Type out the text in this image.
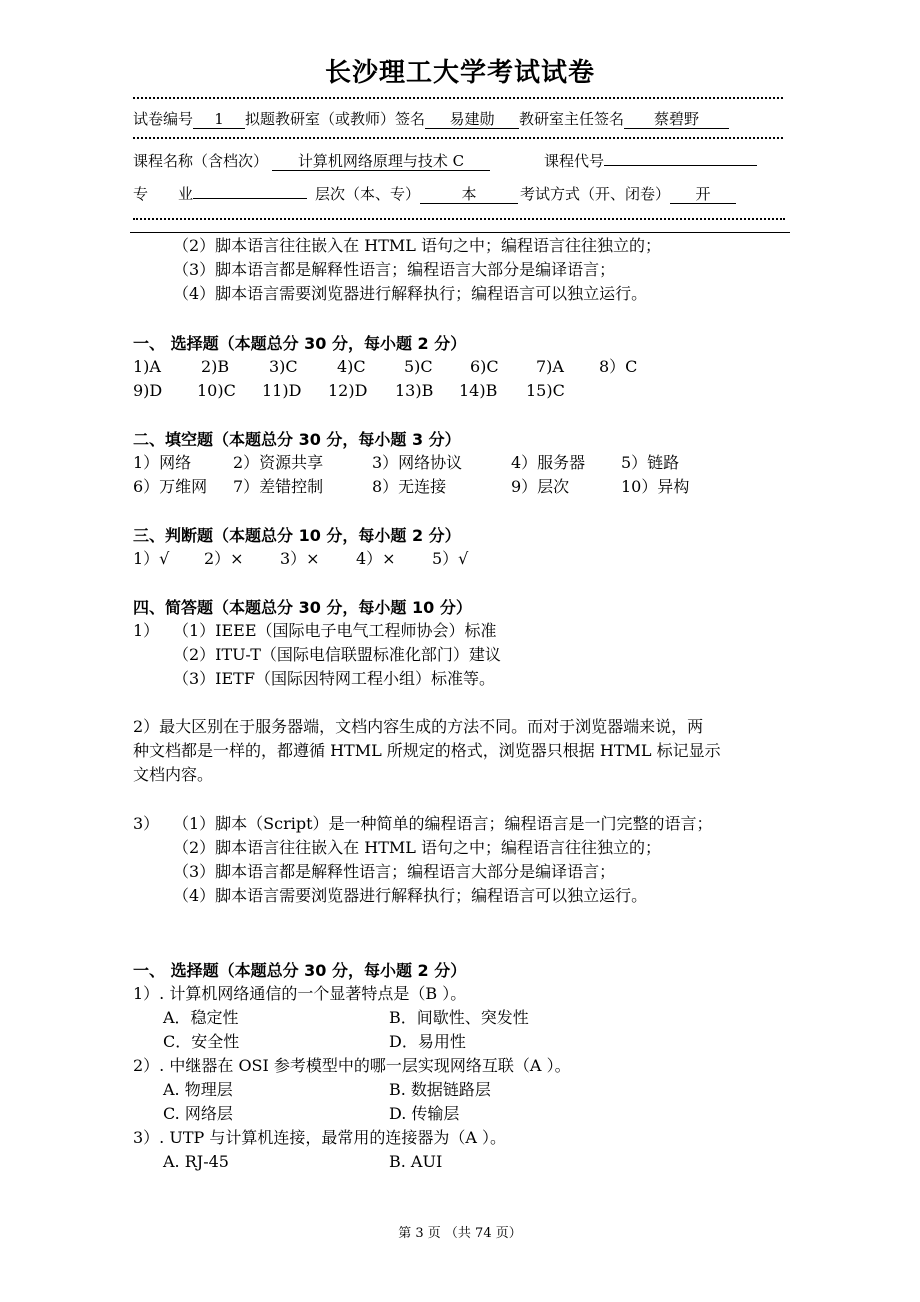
长沙理工大学考试试卷
试卷编号 1 拟题教研室（或教师）签名 易建勋 教研室主任签名 蔡碧野
课程名称（含档次） 计算机网络原理与技术 C	课程代号
专　　业	层次（本、专）	本	考试方式（开、闭卷） 开
（2）脚本语言往往嵌入在 HTML 语句之中；编程语言往往独立的；
（3）脚本语言都是解释性语言；编程语言大部分是编译语言；
（4）脚本语言需要浏览器进行解释执行；编程语言可以独立运行。
一、 选择题（本题总分 30 分，每小题 2 分）
1)A	2)B 3)C 4)C 5)C 6)C 7)A 8）C
9)D 10)C 11)D 12)D 13)B 14)B 15)C
二、填空题（本题总分 30 分，每小题 3 分）
1）网络	2）资源共享	3）网络协议	4）服务器 5）链路
6）万维网 7）差错控制	8）无连接	9）层次	10）异构
三、判断题（本题总分 10 分，每小题 2 分）
1）√ 2）× 3）× 4）× 5）√
四、简答题（本题总分 30 分，每小题 10 分）
1） （1）IEEE（国际电子电气工程师协会）标准
（2）ITU-T（国际电信联盟标准化部门）建议
（3）IETF（国际因特网工程小组）标准等。
2）最大区别在于服务器端，文档内容生成的方法不同。而对于浏览器端来说，两
种文档都是一样的，都遵循 HTML 所规定的格式，浏览器只根据 HTML 标记显示
文档内容。
3） （1）脚本（Script）是一种简单的编程语言；编程语言是一门完整的语言；
（2）脚本语言往往嵌入在 HTML 语句之中；编程语言往往独立的；
（3）脚本语言都是解释性语言；编程语言大部分是编译语言；
（4）脚本语言需要浏览器进行解释执行；编程语言可以独立运行。
一、 选择题（本题总分 30 分，每小题 2 分）
1）. 计算机网络通信的一个显著特点是（B ）。
A．稳定性	B．间歇性、突发性
C．安全性	D．易用性
2）. 中继器在 OSI 参考模型中的哪一层实现网络互联（A ）。
A. 物理层	B. 数据链路层
C. 网络层	D. 传输层
3）. UTP 与计算机连接，最常用的连接器为（A ）。
A. RJ-45	B. AUI
第 3 页 （共 74 页）
